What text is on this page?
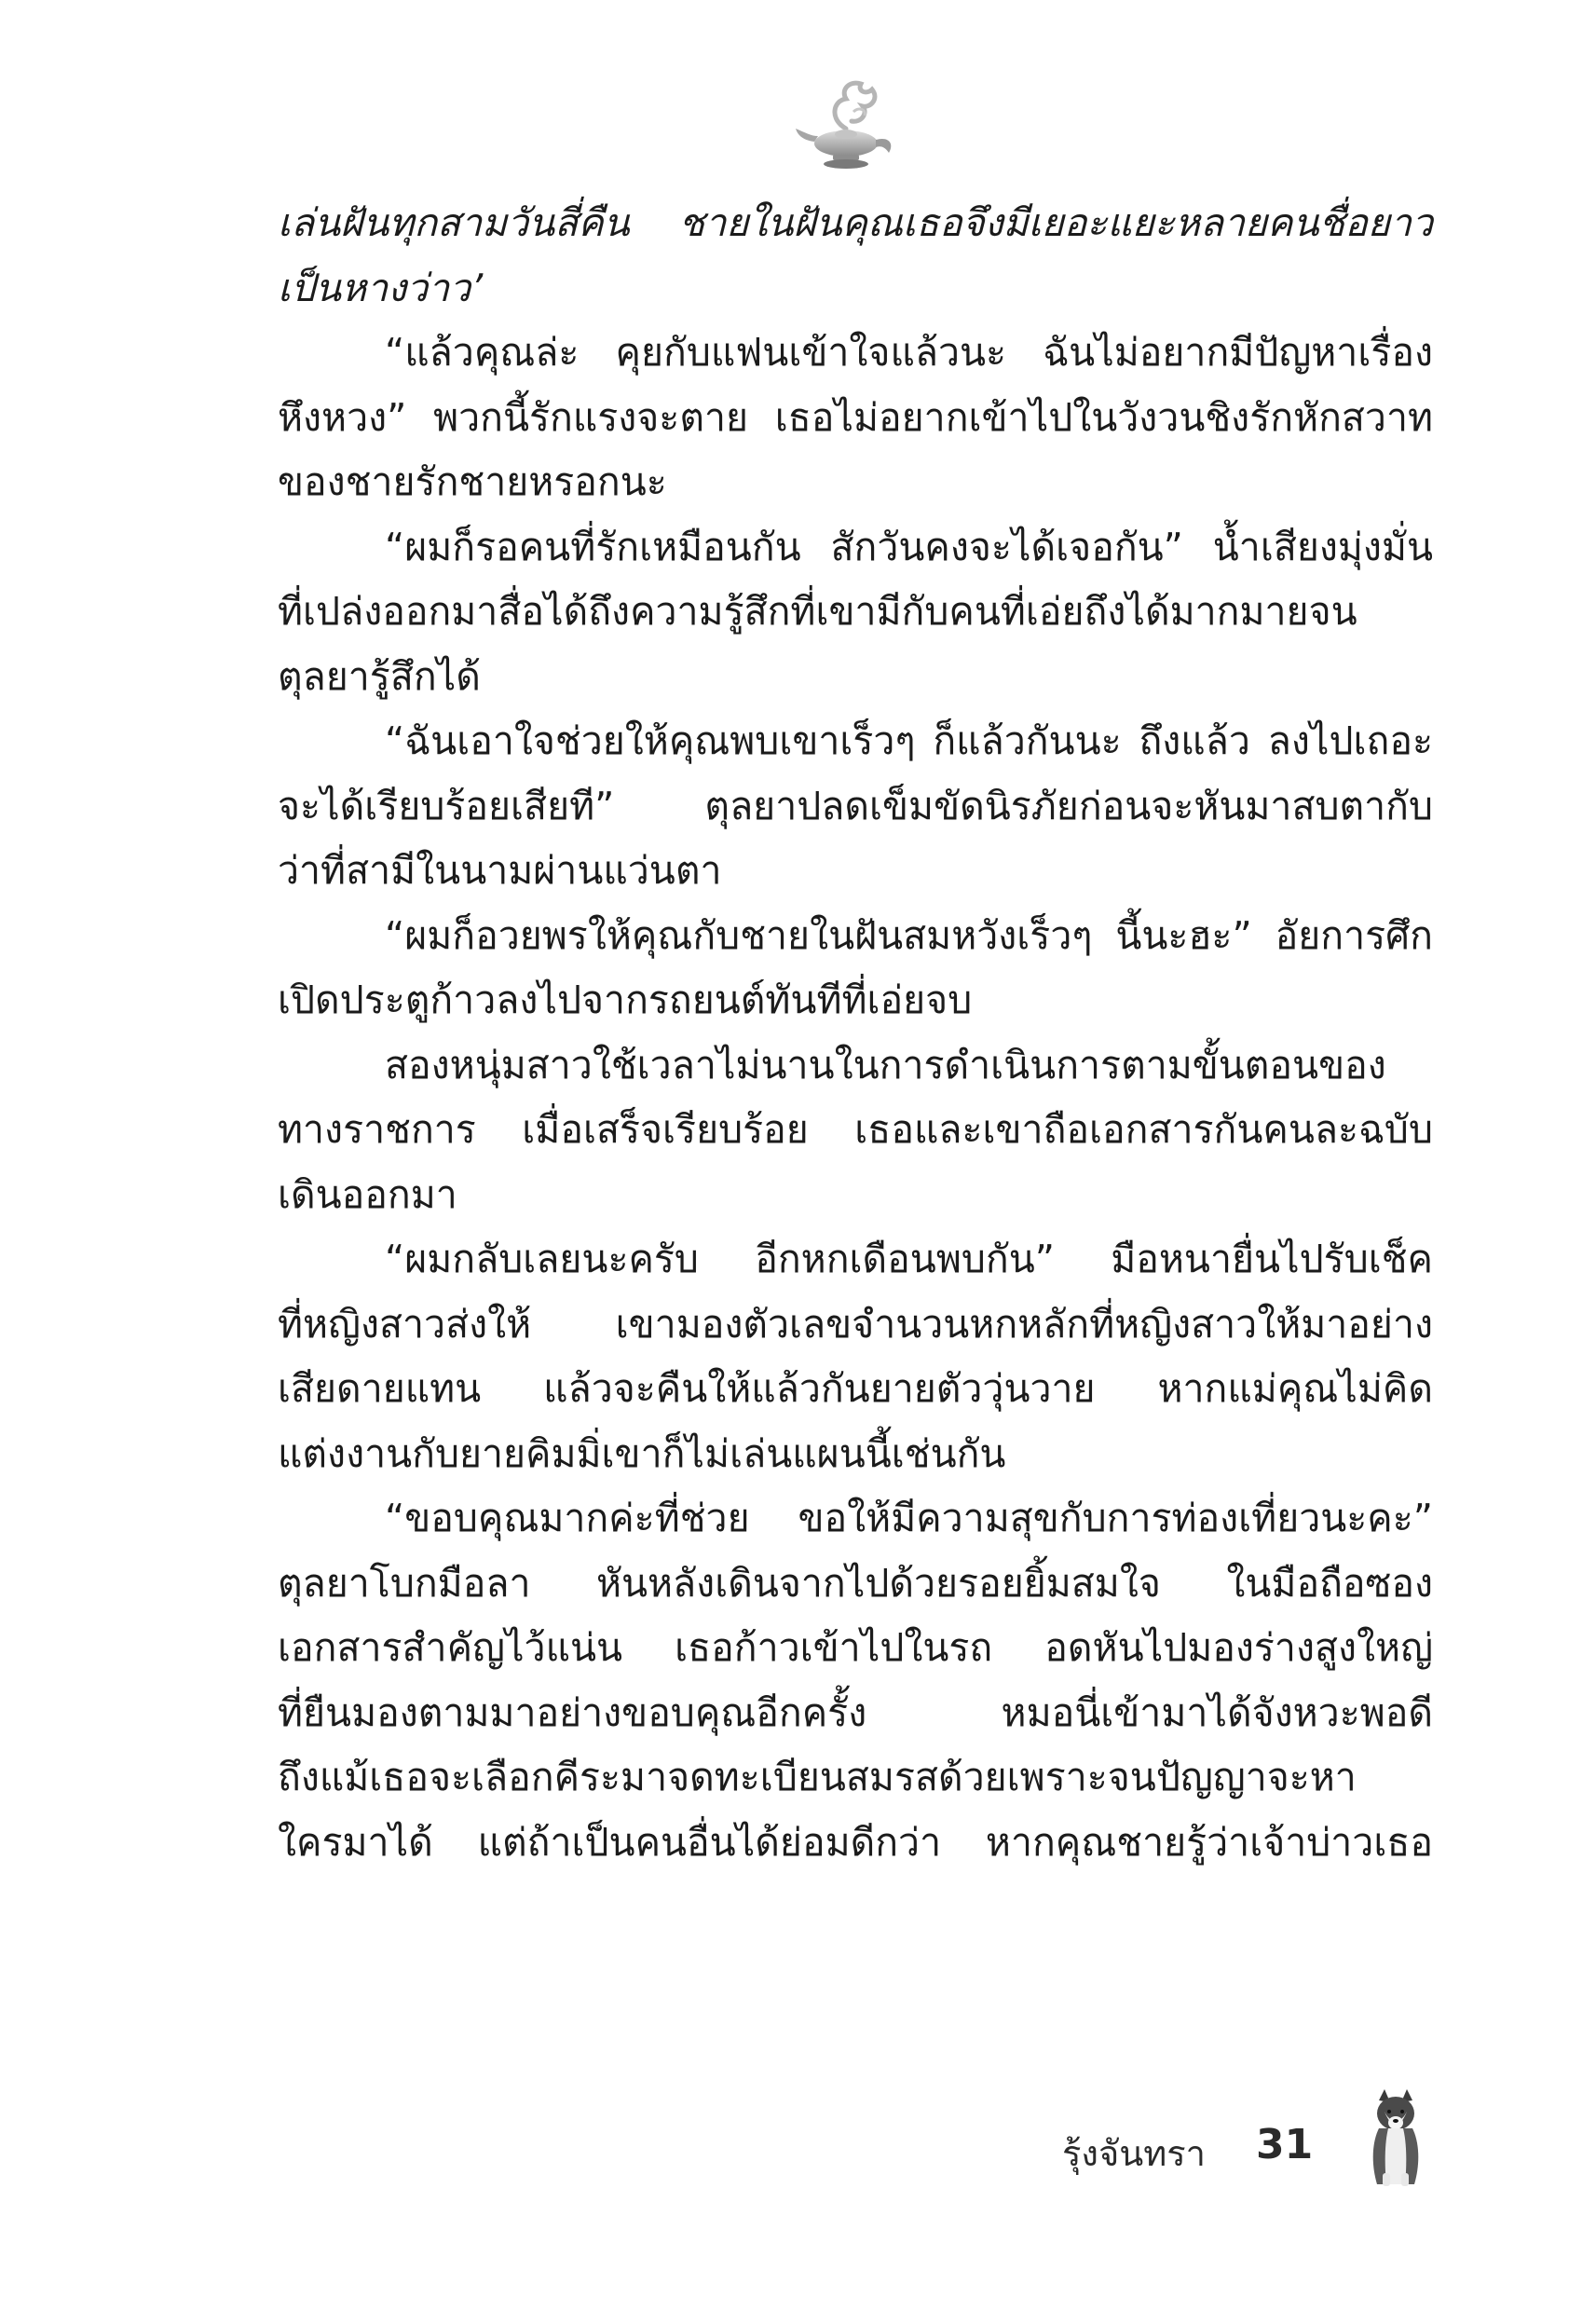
เล่นฝันทุกสามวันสี่คืน ชายในฝันคุณเธอจึงมีเยอะแยะหลายคนชื่อยาว
เป็นหางว่าว’
“แล้วคุณล่ะ คุยกับแฟนเข้าใจแล้วนะ ฉันไม่อยากมีปัญหาเรื่อง
หึงหวง” พวกนี้รักแรงจะตาย เธอไม่อยากเข้าไปในวังวนชิงรักหักสวาท
ของชายรักชายหรอกนะ
“ผมก็รอคนที่รักเหมือนกัน สักวันคงจะได้เจอกัน” น้ำเสียงมุ่งมั่น
ที่เปล่งออกมาสื่อได้ถึงความรู้สึกที่เขามีกับคนที่เอ่ยถึงได้มากมายจน
ตุลยารู้สึกได้
“ฉันเอาใจช่วยให้คุณพบเขาเร็วๆ ก็แล้วกันนะ ถึงแล้ว ลงไปเถอะ
จะได้เรียบร้อยเสียที” ตุลยาปลดเข็มขัดนิรภัยก่อนจะหันมาสบตากับ
ว่าที่สามีในนามผ่านแว่นตา
“ผมก็อวยพรให้คุณกับชายในฝันสมหวังเร็วๆ นี้นะฮะ” อัยการศึก
เปิดประตูก้าวลงไปจากรถยนต์ทันทีที่เอ่ยจบ
สองหนุ่มสาวใช้เวลาไม่นานในการดำเนินการตามขั้นตอนของ
ทางราชการ เมื่อเสร็จเรียบร้อย เธอและเขาถือเอกสารกันคนละฉบับ
เดินออกมา
“ผมกลับเลยนะครับ อีกหกเดือนพบกัน” มือหนายื่นไปรับเช็ค
ที่หญิงสาวส่งให้ เขามองตัวเลขจำนวนหกหลักที่หญิงสาวให้มาอย่าง
เสียดายแทน แล้วจะคืนให้แล้วกันยายตัววุ่นวาย หากแม่คุณไม่คิด
แต่งงานกับยายคิมมิ่เขาก็ไม่เล่นแผนนี้เช่นกัน
“ขอบคุณมากค่ะที่ช่วย ขอให้มีความสุขกับการท่องเที่ยวนะคะ”
ตุลยาโบกมือลา หันหลังเดินจากไปด้วยรอยยิ้มสมใจ ในมือถือซอง
เอกสารสำคัญไว้แน่น เธอก้าวเข้าไปในรถ อดหันไปมองร่างสูงใหญ่
ที่ยืนมองตามมาอย่างขอบคุณอีกครั้ง หมอนี่เข้ามาได้จังหวะพอดี
ถึงแม้เธอจะเลือกคีระมาจดทะเบียนสมรสด้วยเพราะจนปัญญาจะหา
ใครมาได้ แต่ถ้าเป็นคนอื่นได้ย่อมดีกว่า หากคุณชายรู้ว่าเจ้าบ่าวเธอ
รุ้งจันทรา 31
